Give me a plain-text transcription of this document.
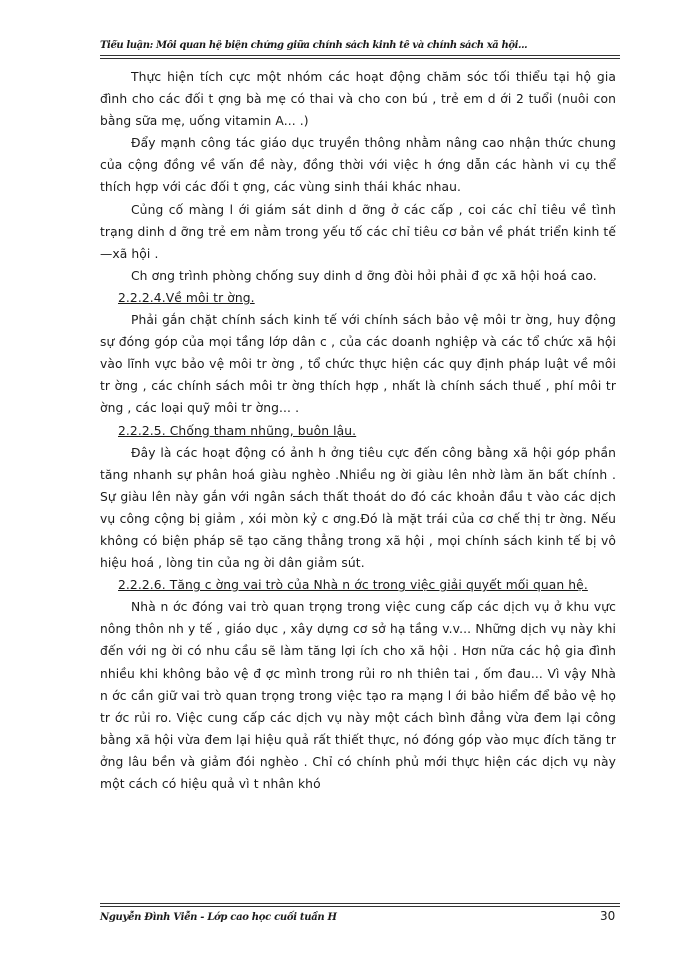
Tiểu luận: Mối quan hệ biện chứng giữa chính sách kinh tế và chính sách xã hội...

Thực hiện tích cực một nhóm các hoạt động chăm sóc tối thiểu tại hộ gia đình cho các đối t ợng bà mẹ có thai và cho con bú , trẻ em d ới 2 tuổi (nuôi con bằng sữa mẹ, uống vitamin A... .)

Đẩy mạnh công tác giáo dục truyền thông nhằm nâng cao nhận thức chung của cộng đồng về vấn đề này, đồng thời với việc h ớng dẫn các hành vi cụ thể thích hợp với các đối t ợng, các vùng sinh thái khác nhau.

Củng cố màng l ới giám sát dinh d ỡng ở các cấp , coi các chỉ tiêu về tình trạng dinh d ỡng trẻ em nằm trong yếu tố các chỉ tiêu cơ bản về phát triển kinh tế —xã hội .

Ch ơng trình phòng chống suy dinh d ỡng đòi hỏi phải đ ợc xã hội hoá cao.

2.2.2.4.Về môi tr ờng.

Phải gắn chặt chính sách kinh tế với chính sách bảo vệ môi tr ờng, huy động sự đóng góp của mọi tầng lớp dân c , của các doanh nghiệp và các tổ chức xã hội vào lĩnh vực bảo vệ môi tr ờng , tổ chức thực hiện các quy định pháp luật về môi tr ờng , các chính sách môi tr ờng thích hợp , nhất là chính sách thuế , phí môi tr ờng , các loại quỹ môi tr ờng... .

2.2.2.5. Chống tham nhũng, buôn lậu.

Đây là các hoạt động có ảnh h ởng tiêu cực đến công bằng xã hội góp phần tăng nhanh sự phân hoá giàu nghèo .Nhiều ng ời giàu lên nhờ làm ăn bất chính . Sự giàu lên này gắn với ngân sách thất thoát do đó các khoản đầu t vào các dịch vụ công cộng bị giảm , xói mòn kỷ c ơng.Đó là mặt trái của cơ chế thị tr ờng. Nếu không có biện pháp sẽ tạo căng thẳng trong xã hội , mọi chính sách kinh tế bị vô hiệu hoá , lòng tin của ng ời dân giảm sút.

2.2.2.6. Tăng c ờng vai trò của Nhà n ớc trong việc giải quyết mối quan hệ.

Nhà n ớc đóng vai trò quan trọng trong việc cung cấp các dịch vụ ở khu vực nông thôn nh y tế , giáo dục , xây dựng cơ sở hạ tầng v.v... Những dịch vụ này khi đến với ng ời có nhu cầu sẽ làm tăng lợi ích cho xã hội . Hơn nữa các hộ gia đình nhiều khi không bảo vệ đ ợc mình trong rủi ro nh thiên tai , ốm đau... Vì vậy Nhà n ớc cần giữ vai trò quan trọng trong việc tạo ra mạng l ới bảo hiểm để bảo vệ họ tr ớc rủi ro. Việc cung cấp các dịch vụ này một cách bình đẳng vừa đem lại công bằng xã hội vừa đem lại hiệu quả rất thiết thực, nó đóng góp vào mục đích tăng tr ởng lâu bền và giảm đói nghèo . Chỉ có chính phủ mới thực hiện các dịch vụ này một cách có hiệu quả vì t nhân khó

Nguyễn Đình Viễn - Lớp cao học cuối tuần H	30
